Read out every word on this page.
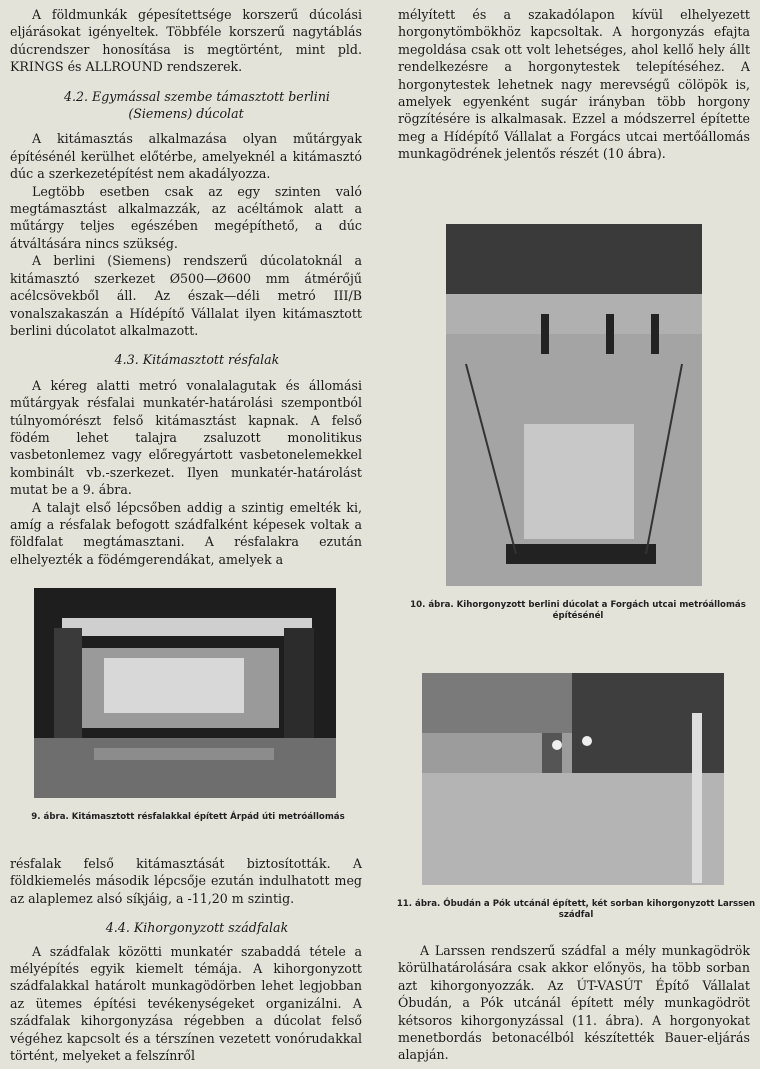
A földmunkák gépesítettsége korszerű dúcolási eljárásokat igényeltek. Többféle korszerű nagytáblás dúcrendszer honosítása is megtörtént, mint pld. KRINGS és ALLROUND rendszerek.

4.2. Egymással szembe támasztott berlini (Siemens) dúcolat

A kitámasztás alkalmazása olyan műtárgyak építésénél kerülhet előtérbe, amelyeknél a kitámasztó dúc a szerkezetépítést nem akadályozza.

Legtöbb esetben csak az egy szinten való megtámasztást alkalmazzák, az acéltámok alatt a műtárgy teljes egészében megépíthető, a dúc átváltására nincs szükség.

A berlini (Siemens) rendszerű dúcolatoknál a kitámasztó szerkezet Ø500—Ø600 mm átmérőjű acélcsövekből áll. Az észak—déli metró III/B vonalszakaszán a Hídépítő Vállalat ilyen kitámasztott berlini dúcolatot alkalmazott.

4.3. Kitámasztott résfalak

A kéreg alatti metró vonalalagutak és állomási műtárgyak résfalai munkatér-határolási szempontból túlnyomórészt felső kitámasztást kapnak. A felső födém lehet talajra zsaluzott monolitikus vasbetonlemez vagy előregyártott vasbetonelemekkel kombinált vb.-szerkezet. Ilyen munkatér-határolást mutat be a 9. ábra.

A talajt első lépcsőben addig a szintig emelték ki, amíg a résfalak befogott szádfalként képesek voltak a földfalat megtámasztani. A résfalakra ezután elhelyezték a födémgerendákat, amelyek a

9. ábra. Kitámasztott résfalakkal épített Árpád úti metróállomás

résfalak felső kitámasztását biztosították. A földkiemelés második lépcsője ezután indulhatott meg az alaplemez alsó síkjáig, a -11,20 m szintig.

4.4. Kihorgonyzott szádfalak

A szádfalak közötti munkatér szabaddá tétele a mélyépítés egyik kiemelt témája. A kihorgonyzott szádfalakkal határolt munkagödörben lehet legjobban az ütemes építési tevékenységeket organizálni. A szádfalak kihorgonyzása régebben a dúcolat felső végéhez kapcsolt és a térszínen vezetett vonórudakkal történt, melyeket a felszínről

mélyített és a szakadólapon kívül elhelyezett horgonytömbökhöz kapcsoltak. A horgonyzás efajta megoldása csak ott volt lehetséges, ahol kellő hely állt rendelkezésre a horgonytestek telepítéséhez. A horgonytestek lehetnek nagy merevségű cölöpök is, amelyek egyenként sugár irányban több horgony rögzítésére is alkalmasak. Ezzel a módszerrel építette meg a Hídépítő Vállalat a Forgács utcai mertőállomás munkagödrének jelentős részét (10 ábra).

10. ábra. Kihorgonyzott berlini dúcolat a Forgách utcai metróállomás építésénél
11. ábra. Óbudán a Pók utcánál épített, két sorban kihorgonyzott Larssen szádfal

A Larssen rendszerű szádfal a mély munkagödrök körülhatárolására csak akkor előnyös, ha több sorban azt kihorgonyozzák. Az ÚT-VASÚT Építő Vállalat Óbudán, a Pók utcánál épített mély munkagödröt kétsoros kihorgonyzással (11. ábra). A horgonyokat menetbordás betonacélból készítették Bauer-eljárás alapján.
